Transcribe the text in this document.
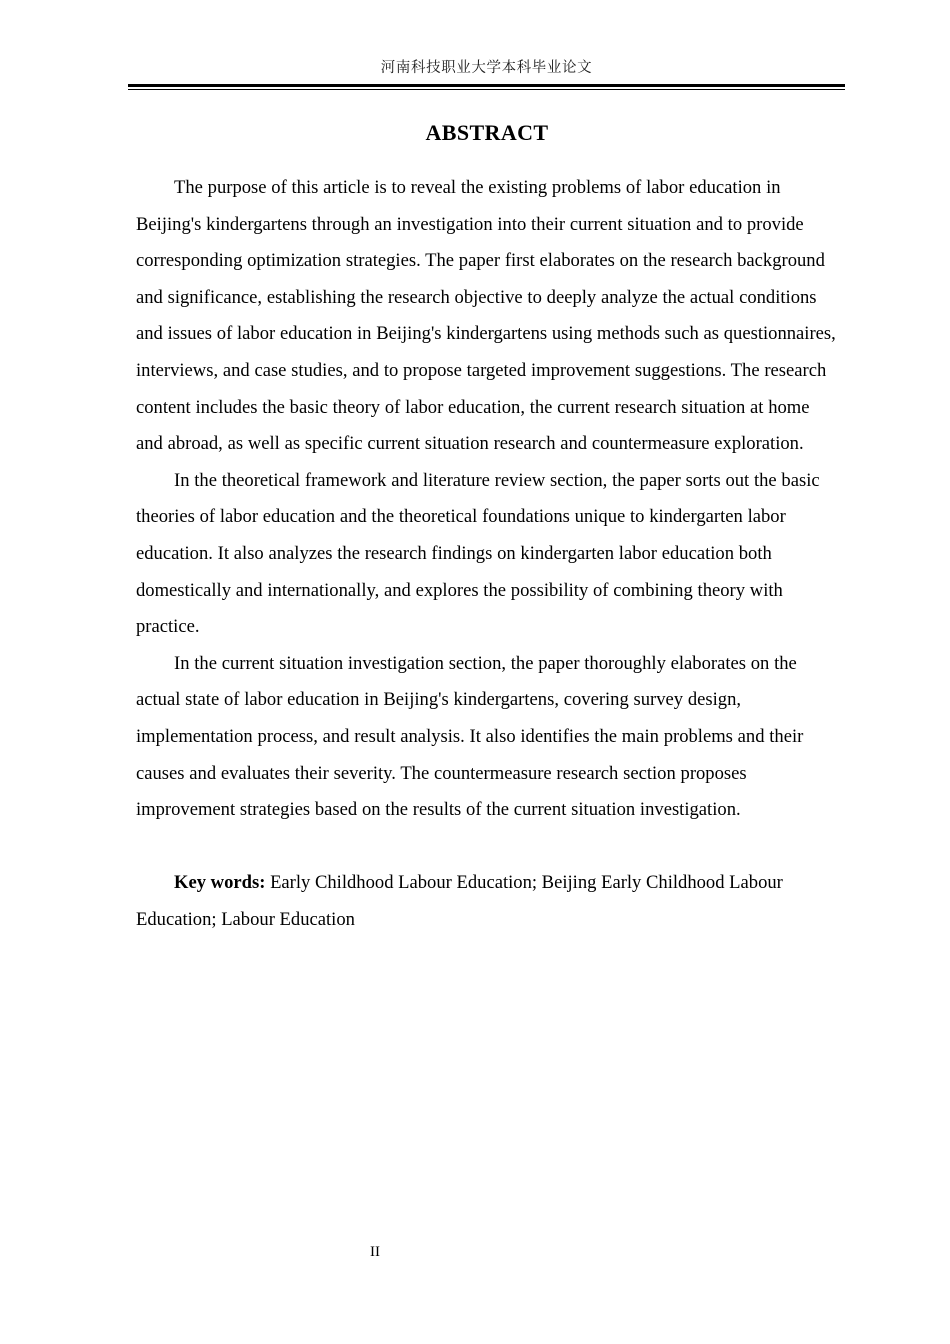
河南科技职业大学本科毕业论文
ABSTRACT

The purpose of this article is to reveal the existing problems of labor education in Beijing's kindergartens through an investigation into their current situation and to provide corresponding optimization strategies. The paper first elaborates on the research background and significance, establishing the research objective to deeply analyze the actual conditions and issues of labor education in Beijing's kindergartens using methods such as questionnaires, interviews, and case studies, and to propose targeted improvement suggestions. The research content includes the basic theory of labor education, the current research situation at home and abroad, as well as specific current situation research and countermeasure exploration.

In the theoretical framework and literature review section, the paper sorts out the basic theories of labor education and the theoretical foundations unique to kindergarten labor education. It also analyzes the research findings on kindergarten labor education both domestically and internationally, and explores the possibility of combining theory with practice.

In the current situation investigation section, the paper thoroughly elaborates on the actual state of labor education in Beijing's kindergartens, covering survey design, implementation process, and result analysis. It also identifies the main problems and their causes and evaluates their severity. The countermeasure research section proposes improvement strategies based on the results of the current situation investigation.

Key words: Early Childhood Labour Education; Beijing Early Childhood Labour Education; Labour Education

II
